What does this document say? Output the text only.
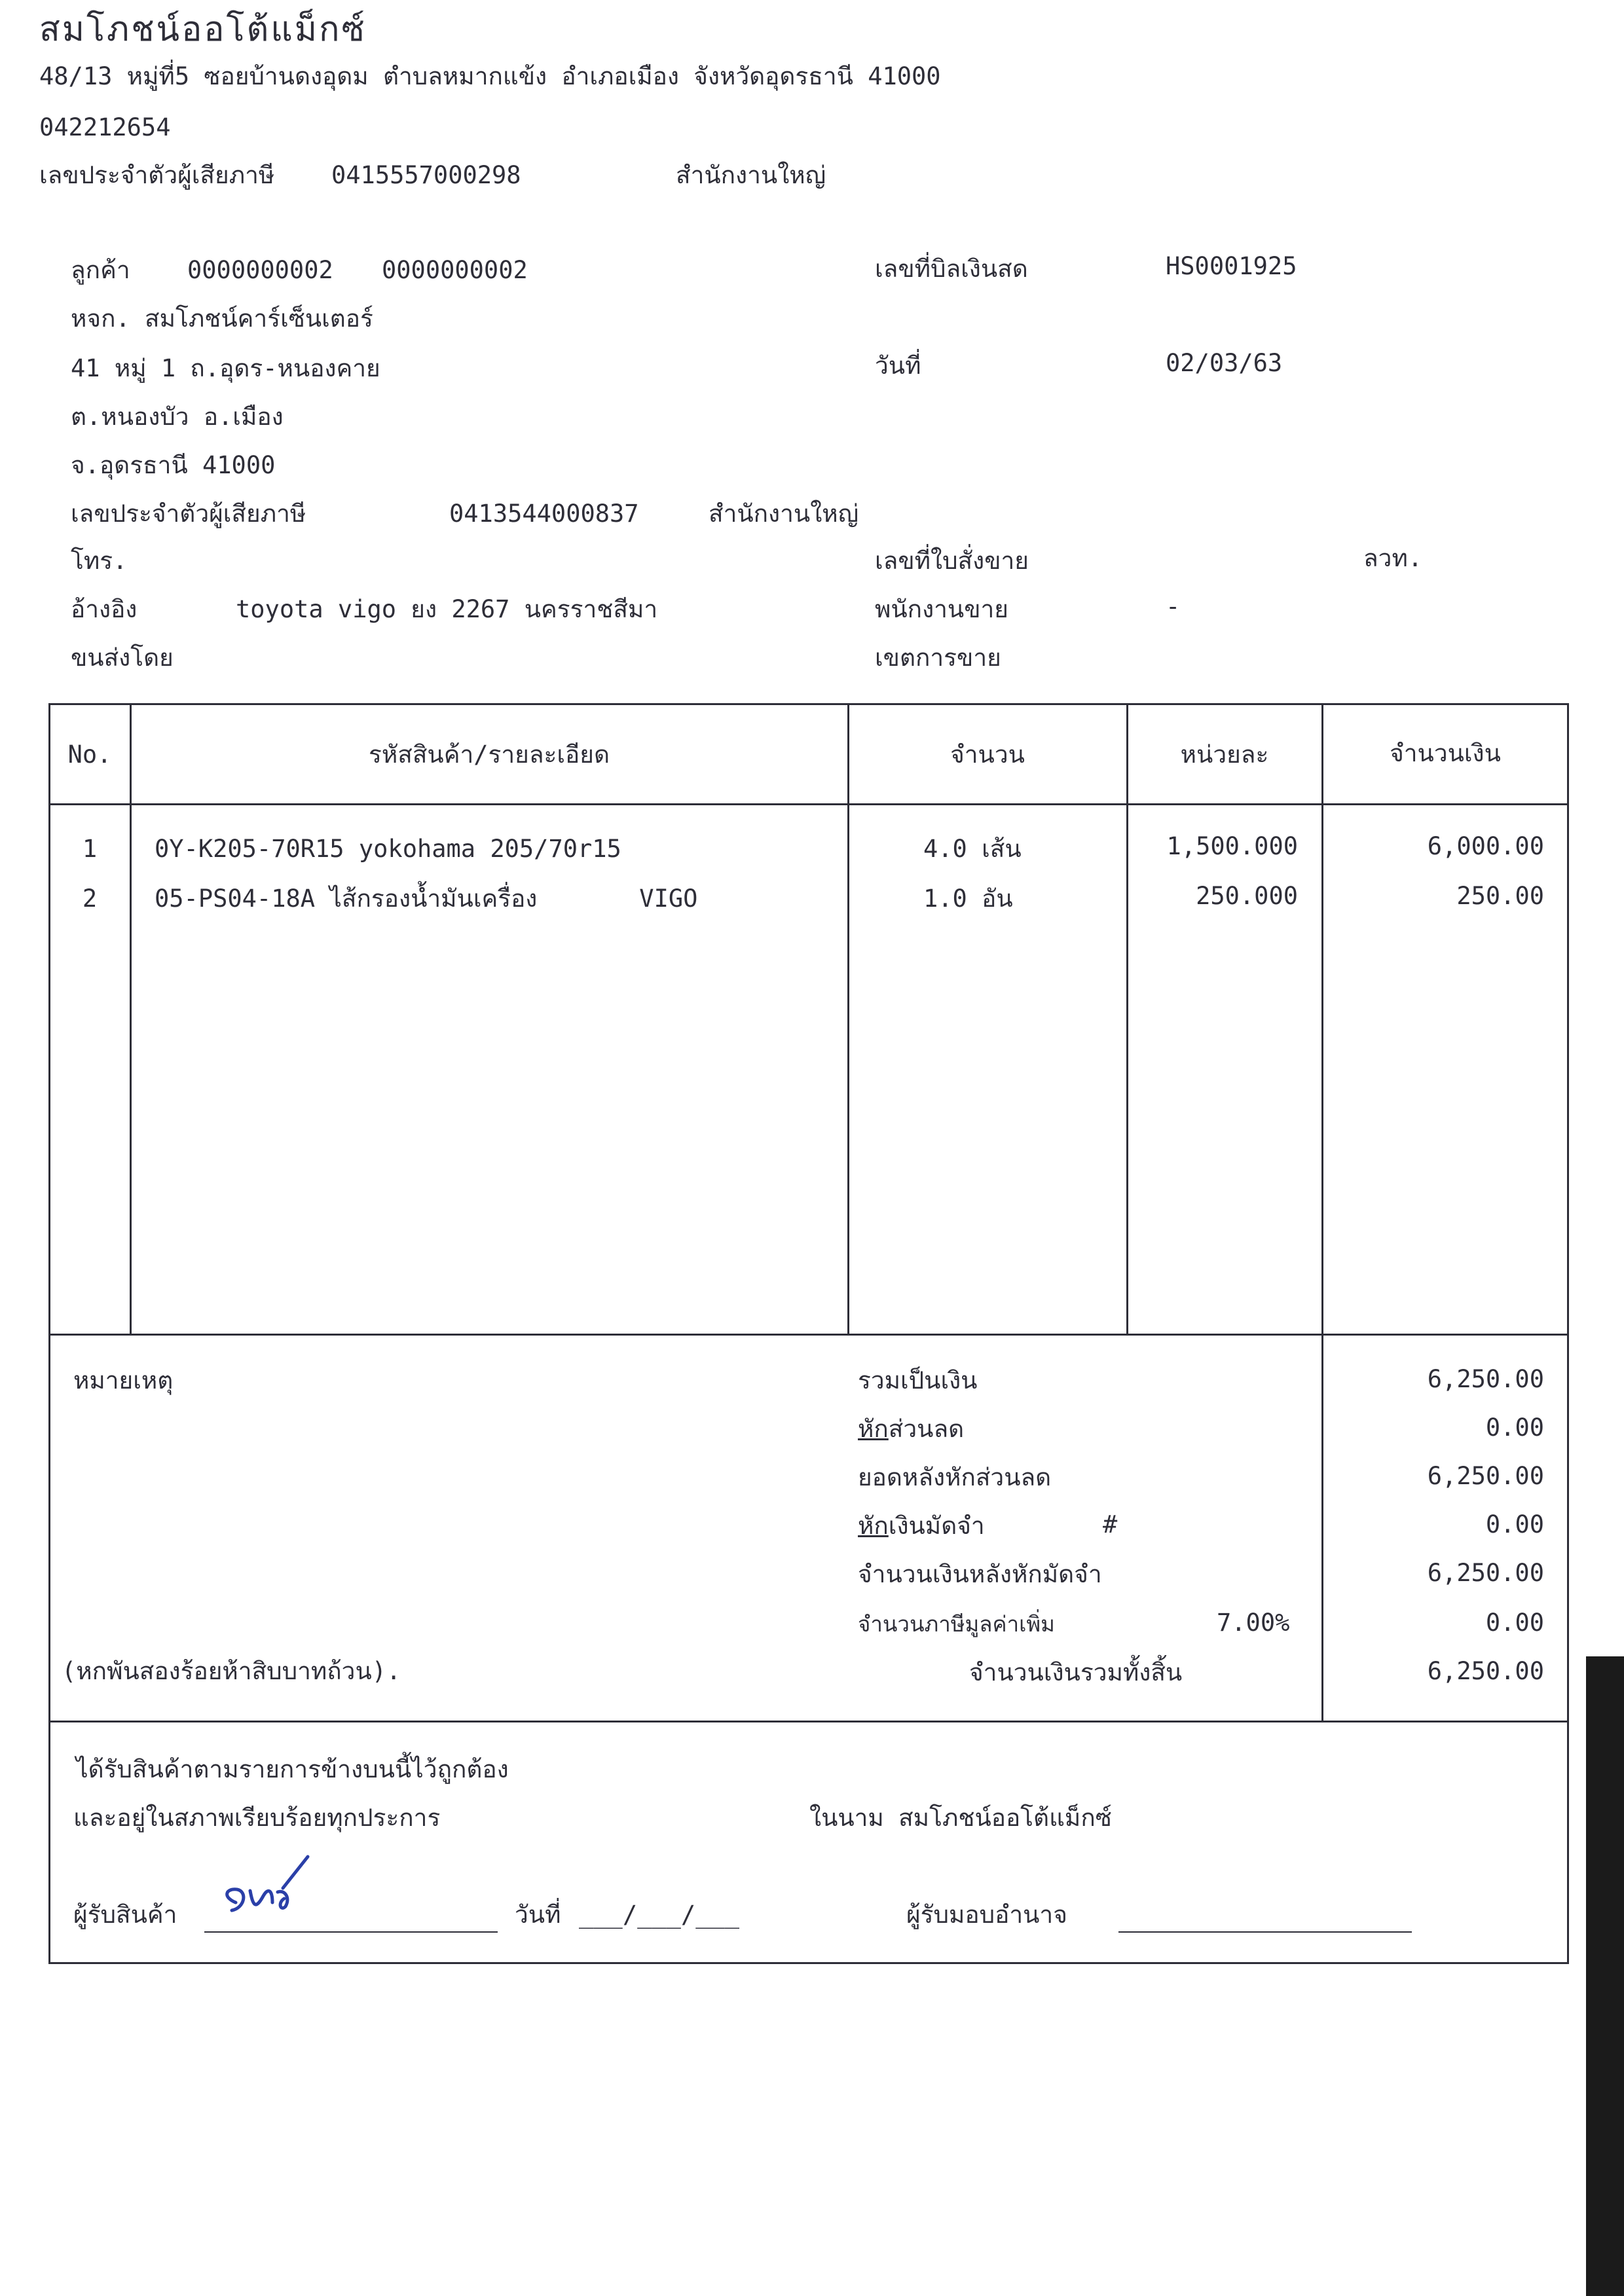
สมโภชน์ออโต้แม็กซ์
48/13 หมู่ที่5 ซอยบ้านดงอุดม ตำบลหมากแข้ง อำเภอเมือง จังหวัดอุดรธานี 41000
042212654
เลขประจำตัวผู้เสียภาษี 0415557000298	สำนักงานใหญ่
ลูกค้า 0000000002 0000000002
หจก. สมโภชน์คาร์เซ็นเตอร์
41 หมู่ 1 ถ.อุดร-หนองคาย
ต.หนองบัว อ.เมือง
จ.อุดรธานี 41000
เลขประจำตัวผู้เสียภาษี	0413544000837	สำนักงานใหญ่
โทร.
อ้างอิง	toyota vigo ยง 2267 นครราชสีมา
ขนส่งโดย
เลขที่บิลเงินสด	HS0001925
วันที่	02/03/63
เลขที่ใบสั่งขาย	ลวท.
พนักงานขาย	-
เขตการขาย
No.	รหัสสินค้า/รายละเอียด	จำนวน	หน่วยละ	จำนวนเงิน
1	0Y-K205-70R15 yokohama 205/70r15	4.0 เส้น	1,500.000	6,000.00
2	05-PS04-18A ไส้กรองน้ำมันเครื่อง       VIGO	1.0 อัน	250.000	250.00
หมายเหตุ
(หกพันสองร้อยห้าสิบบาทถ้วน).
รวมเป็นเงิน	6,250.00
หักส่วนลด	0.00
ยอดหลังหักส่วนลด	6,250.00
หักเงินมัดจำ	#	0.00
จำนวนเงินหลังหักมัดจำ	6,250.00
จำนวนภาษีมูลค่าเพิ่ม	7.00%	0.00
จำนวนเงินรวมทั้งสิ้น	6,250.00
ได้รับสินค้าตามรายการข้างบนนี้ไว้ถูกต้อง
และอยู่ในสภาพเรียบร้อยทุกประการ	ในนาม สมโภชน์ออโต้แม็กซ์
ผู้รับสินค้า	วันที่ ___/___/___	ผู้รับมอบอำนาจ
